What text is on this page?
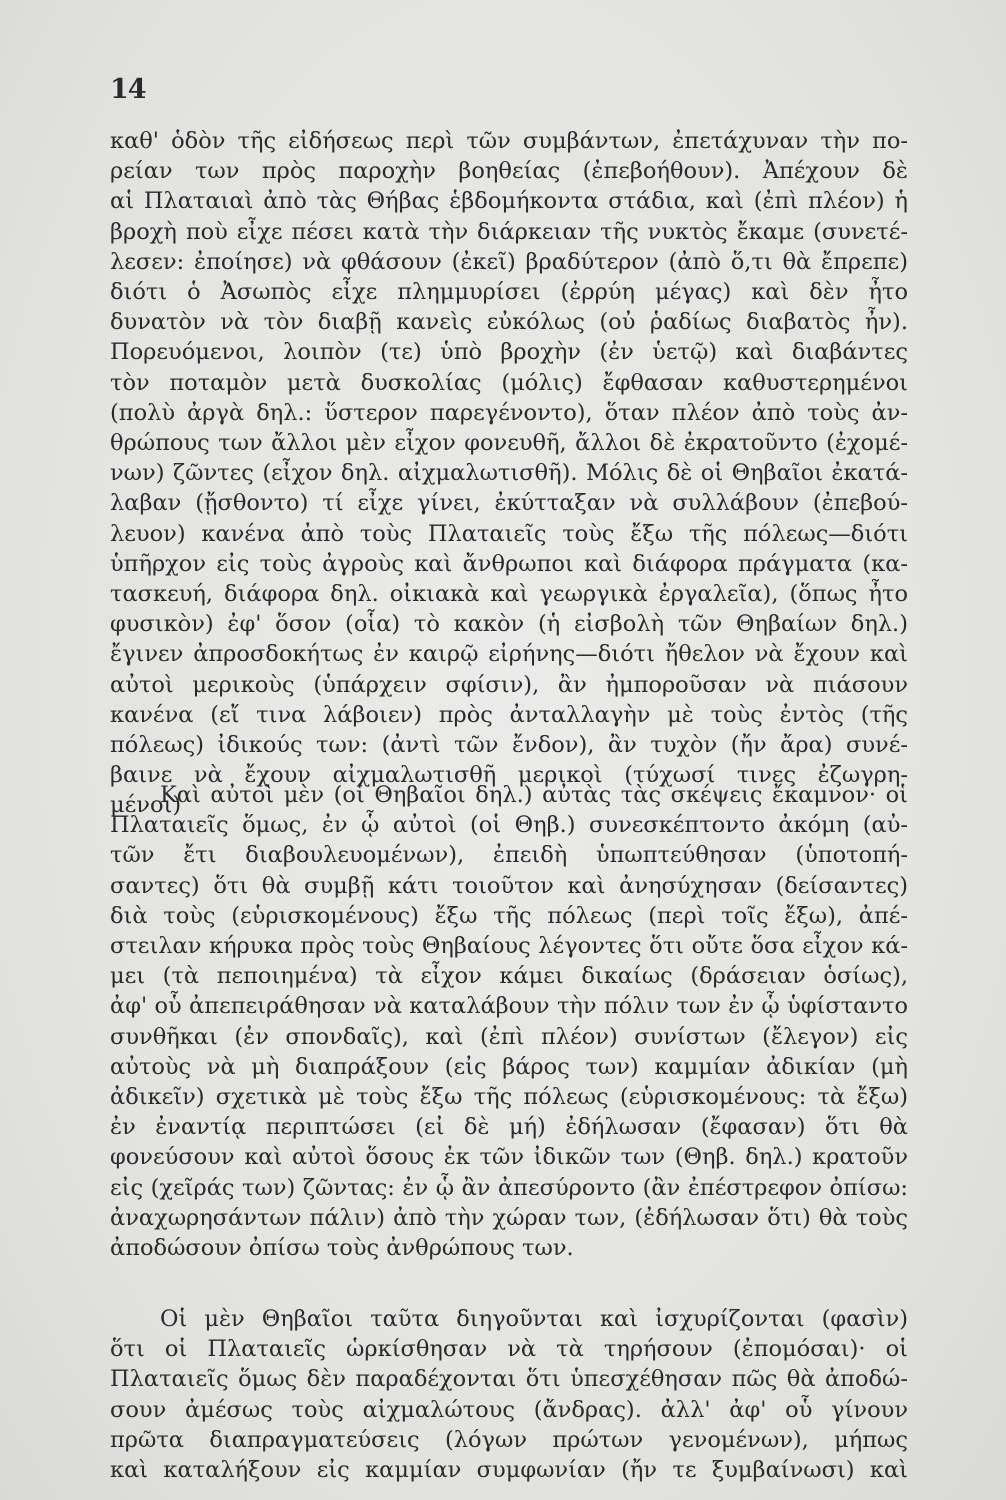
14
καθ' ὁδὸν τῆς εἰδήσεως περὶ τῶν συμβάντων, ἐπετάχυναν τὴν πο-
ρείαν των πρὸς παροχὴν βοηθείας (ἐπεβοήθουν). Ἀπέχουν δὲ
αἱ Πλαταιαὶ ἀπὸ τὰς Θήβας ἑβδομήκοντα στάδια, καὶ (ἐπὶ πλέον) ἡ
βροχὴ ποὺ εἶχε πέσει κατὰ τὴν διάρκειαν τῆς νυκτὸς ἔκαμε (συνετέ-
λεσεν: ἐποίησε) νὰ φθάσουν (ἐκεῖ) βραδύτερον (ἀπὸ ὅ,τι θὰ ἔπρεπε)
διότι ὁ Ἀσωπὸς εἶχε πλημμυρίσει (ἐρρύη μέγας) καὶ δὲν ἦτο
δυνατὸν νὰ τὸν διαβῇ κανεὶς εὐκόλως (οὐ ῥαδίως διαβατὸς ἦν).
Πορευόμενοι, λοιπὸν (τε) ὑπὸ βροχὴν (ἐν ὑετῷ) καὶ διαβάντες
τὸν ποταμὸν μετὰ δυσκολίας (μόλις) ἔφθασαν καθυστερημένοι
(πολὺ ἀργὰ δηλ.: ὕστερον παρεγένοντο), ὅταν πλέον ἀπὸ τοὺς ἀν-
θρώπους των ἄλλοι μὲν εἶχον φονευθῆ, ἄλλοι δὲ ἐκρατοῦντο (ἐχομέ-
νων) ζῶντες (εἶχον δηλ. αἰχμαλωτισθῆ). Μόλις δὲ οἱ Θηβαῖοι ἐκατά-
λαβαν (ᾔσθοντο) τί εἶχε γίνει, ἐκύτταξαν νὰ συλλάβουν (ἐπεβού-
λευον) κανένα ἀπὸ τοὺς Πλαταιεῖς τοὺς ἔξω τῆς πόλεως—διότι
ὑπῆρχον εἰς τοὺς ἀγροὺς καὶ ἄνθρωποι καὶ διάφορα πράγματα (κα-
τασκευή, διάφορα δηλ. οἰκιακὰ καὶ γεωργικὰ ἐργαλεῖα), (ὅπως ἦτο
φυσικὸν) ἐφ' ὅσον (οἷα) τὸ κακὸν (ἡ εἰσβολὴ τῶν Θηβαίων δηλ.)
ἔγινεν ἀπροσδοκήτως ἐν καιρῷ εἰρήνης—διότι ἤθελον νὰ ἔχουν καὶ
αὐτοὶ μερικοὺς (ὑπάρχειν σφίσιν), ἂν ἠμποροῦσαν νὰ πιάσουν
κανένα (εἴ τινα λάβοιεν) πρὸς ἀνταλλαγὴν μὲ τοὺς ἐντὸς (τῆς
πόλεως) ἰδικούς των: (ἀντὶ τῶν ἔνδον), ἂν τυχὸν (ἤν ἄρα) συνέ-
βαινε νὰ ἔχουν αἰχμαλωτισθῆ μερικοὶ (τύχωσί τινες ἐζωγρη-
μένοι)
Καὶ αὐτοὶ μὲν (οἱ Θηβαῖοι δηλ.) αὐτὰς τὰς σκέψεις ἔκαμνον· οἱ
Πλαταιεῖς ὅμως, ἐν ᾧ αὐτοὶ (οἱ Θηβ.) συνεσκέπτοντο ἀκόμη (αὐ-
τῶν ἔτι διαβουλευομένων), ἐπειδὴ ὑπωπτεύθησαν (ὑποτοπή-
σαντες) ὅτι θὰ συμβῇ κάτι τοιοῦτον καὶ ἀνησύχησαν (δείσαντες)
διὰ τοὺς (εὑρισκομένους) ἔξω τῆς πόλεως (περὶ τοῖς ἔξω), ἀπέ-
στειλαν κήρυκα πρὸς τοὺς Θηβαίους λέγοντες ὅτι οὔτε ὅσα εἶχον κά-
μει (τὰ πεποιημένα) τὰ εἶχον κάμει δικαίως (δράσειαν ὁσίως),
ἀφ' οὗ ἀπεπειράθησαν νὰ καταλάβουν τὴν πόλιν των ἐν ᾧ ὑφίσταντο
συνθῆκαι (ἐν σπονδαῖς), καὶ (ἐπὶ πλέον) συνίστων (ἔλεγον) εἰς
αὐτοὺς νὰ μὴ διαπράξουν (εἰς βάρος των) καμμίαν ἀδικίαν (μὴ
ἀδικεῖν) σχετικὰ μὲ τοὺς ἔξω τῆς πόλεως (εὑρισκομένους: τὰ ἔξω)
ἐν ἐναντίᾳ περιπτώσει (εἰ δὲ μή) ἐδήλωσαν (ἔφασαν) ὅτι θὰ
φονεύσουν καὶ αὐτοὶ ὅσους ἐκ τῶν ἰδικῶν των (Θηβ. δηλ.) κρατοῦν
εἰς (χεῖράς των) ζῶντας: ἐν ᾧ ἂν ἀπεσύροντο (ἂν ἐπέστρεφον ὀπίσω:
ἀναχωρησάντων πάλιν) ἀπὸ τὴν χώραν των, (ἐδήλωσαν ὅτι) θὰ τοὺς
ἀποδώσουν ὀπίσω τοὺς ἀνθρώπους των.
Οἱ μὲν Θηβαῖοι ταῦτα διηγοῦνται καὶ ἰσχυρίζονται (φασὶν)
ὅτι οἱ Πλαταιεῖς ὡρκίσθησαν νὰ τὰ τηρήσουν (ἐπομόσαι)· οἱ
Πλαταιεῖς ὅμως δὲν παραδέχονται ὅτι ὑπεσχέθησαν πῶς θὰ ἀποδώ-
σουν ἀμέσως τοὺς αἰχμαλώτους (ἄνδρας). ἀλλ' ἀφ' οὗ γίνουν
πρῶτα διαπραγματεύσεις (λόγων πρώτων γενομένων), μήπως
καὶ καταλήξουν εἰς καμμίαν συμφωνίαν (ἤν τε ξυμβαίνωσι) καὶ
